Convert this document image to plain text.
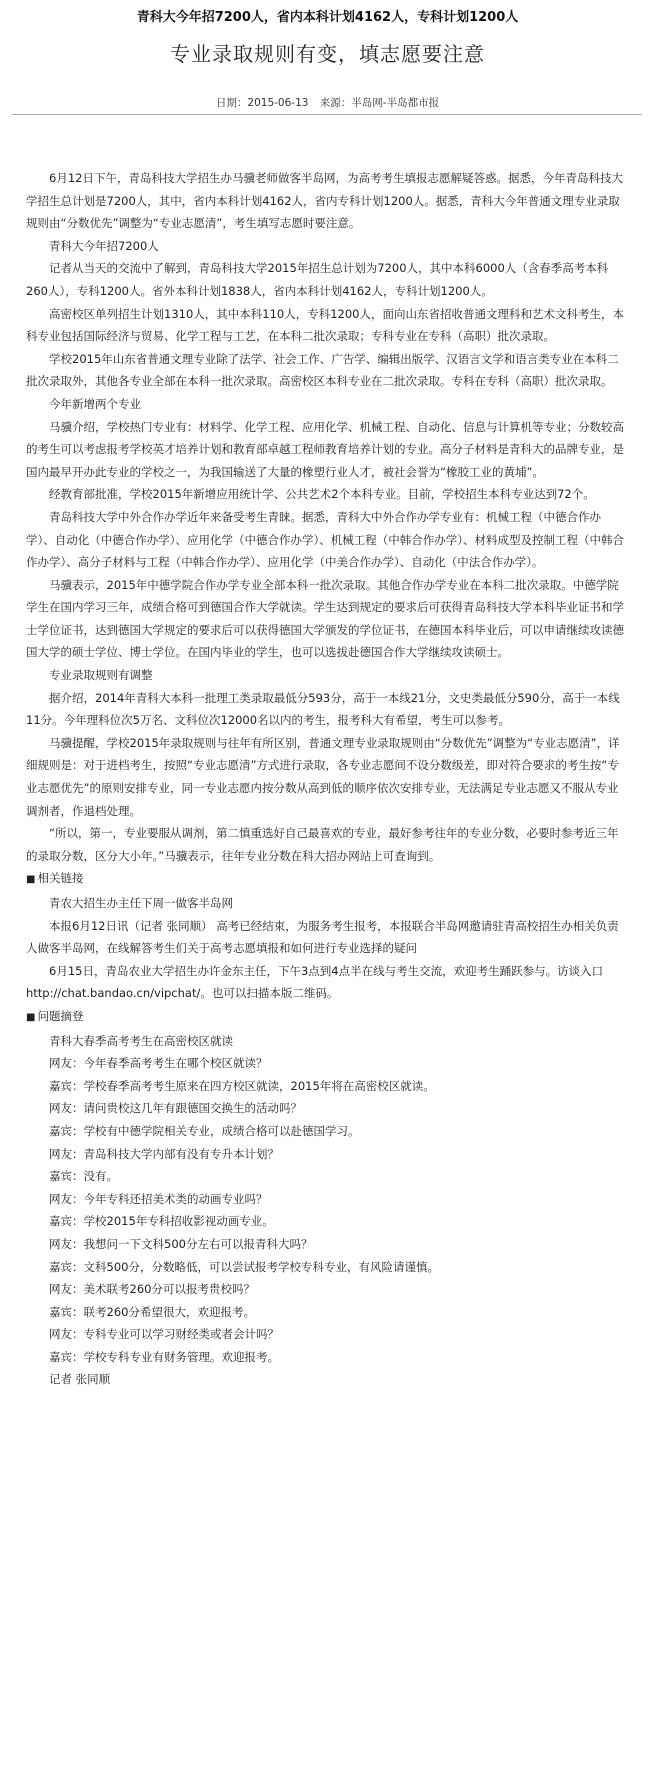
青科大今年招7200人，省内本科计划4162人，专科计划1200人
专业录取规则有变，填志愿要注意
日期：2015-06-13 来源：半岛网-半岛都市报

6月12日下午，青岛科技大学招生办马骥老师做客半岛网，为高考考生填报志愿解疑答惑。据悉，今年青岛科技大学招生总计划是7200人，其中，省内本科计划4162人，省内专科计划1200人。据悉，青科大今年普通文理专业录取规则由“分数优先”调整为“专业志愿清”，考生填写志愿时要注意。

青科大今年招7200人

记者从当天的交流中了解到，青岛科技大学2015年招生总计划为7200人，其中本科6000人（含春季高考本科260人），专科1200人。省外本科计划1838人，省内本科计划4162人，专科计划1200人。

高密校区单列招生计划1310人，其中本科110人，专科1200人，面向山东省招收普通文理科和艺术文科考生，本科专业包括国际经济与贸易、化学工程与工艺，在本科二批次录取；专科专业在专科（高职）批次录取。

学校2015年山东省普通文理专业除了法学、社会工作、广告学、编辑出版学、汉语言文学和语言类专业在本科二批次录取外，其他各专业全部在本科一批次录取。高密校区本科专业在二批次录取。专科在专科（高职）批次录取。

今年新增两个专业

马骥介绍，学校热门专业有：材料学、化学工程、应用化学、机械工程、自动化、信息与计算机等专业；分数较高的考生可以考虑报考学校英才培养计划和教育部卓越工程师教育培养计划的专业。高分子材料是青科大的品牌专业，是国内最早开办此专业的学校之一，为我国输送了大量的橡塑行业人才，被社会誉为“橡胶工业的黄埔”。

经教育部批准，学校2015年新增应用统计学、公共艺术2个本科专业。目前，学校招生本科专业达到72个。

青岛科技大学中外合作办学近年来备受考生青睐。据悉，青科大中外合作办学专业有：机械工程（中德合作办学）、自动化（中德合作办学）、应用化学（中德合作办学）、机械工程（中韩合作办学）、材料成型及控制工程（中韩合作办学）、高分子材料与工程（中韩合作办学）、应用化学（中美合作办学）、自动化（中法合作办学）。

马骥表示，2015年中德学院合作办学专业全部本科一批次录取。其他合作办学专业在本科二批次录取。中德学院学生在国内学习三年，成绩合格可到德国合作大学就读。学生达到规定的要求后可获得青岛科技大学本科毕业证书和学士学位证书，达到德国大学规定的要求后可以获得德国大学颁发的学位证书，在德国本科毕业后，可以申请继续攻读德国大学的硕士学位、博士学位。在国内毕业的学生，也可以选拔赴德国合作大学继续攻读硕士。

专业录取规则有调整

据介绍，2014年青科大本科一批理工类录取最低分593分，高于一本线21分，文史类最低分590分，高于一本线11分。今年理科位次5万名、文科位次12000名以内的考生，报考科大有希望，考生可以参考。

马骥提醒，学校2015年录取规则与往年有所区别，普通文理专业录取规则由“分数优先”调整为“专业志愿清”，详细规则是：对于进档考生，按照“专业志愿清”方式进行录取，各专业志愿间不设分数级差，即对符合要求的考生按“专业志愿优先”的原则安排专业，同一专业志愿内按分数从高到低的顺序依次安排专业，无法满足专业志愿又不服从专业调剂者，作退档处理。

“所以，第一，专业要服从调剂，第二慎重选好自己最喜欢的专业，最好参考往年的专业分数，必要时参考近三年的录取分数，区分大小年。”马骥表示，往年专业分数在科大招办网站上可查询到。

■ 相关链接

青农大招生办主任下周一做客半岛网

本报6月12日讯（记者 张同顺） 高考已经结束，为服务考生报考，本报联合半岛网邀请驻青高校招生办相关负责人做客半岛网，在线解答考生们关于高考志愿填报和如何进行专业选择的疑问

6月15日，青岛农业大学招生办许金东主任，下午3点到4点半在线与考生交流，欢迎考生踊跃参与。访谈入口http://chat.bandao.cn/vipchat/。也可以扫描本版二维码。

■ 问题摘登

青科大春季高考考生在高密校区就读

网友：今年春季高考考生在哪个校区就读？

嘉宾：学校春季高考考生原来在四方校区就读，2015年将在高密校区就读。

网友：请问贵校这几年有跟德国交换生的活动吗？

嘉宾：学校有中德学院相关专业，成绩合格可以赴德国学习。

网友：青岛科技大学内部有没有专升本计划？

嘉宾：没有。

网友：今年专科还招美术类的动画专业吗？

嘉宾：学校2015年专科招收影视动画专业。

网友：我想问一下文科500分左右可以报青科大吗？

嘉宾：文科500分，分数略低，可以尝试报考学校专科专业，有风险请谨慎。

网友：美术联考260分可以报考贵校吗？

嘉宾：联考260分希望很大，欢迎报考。

网友：专科专业可以学习财经类或者会计吗？

嘉宾：学校专科专业有财务管理。欢迎报考。

记者 张同顺
